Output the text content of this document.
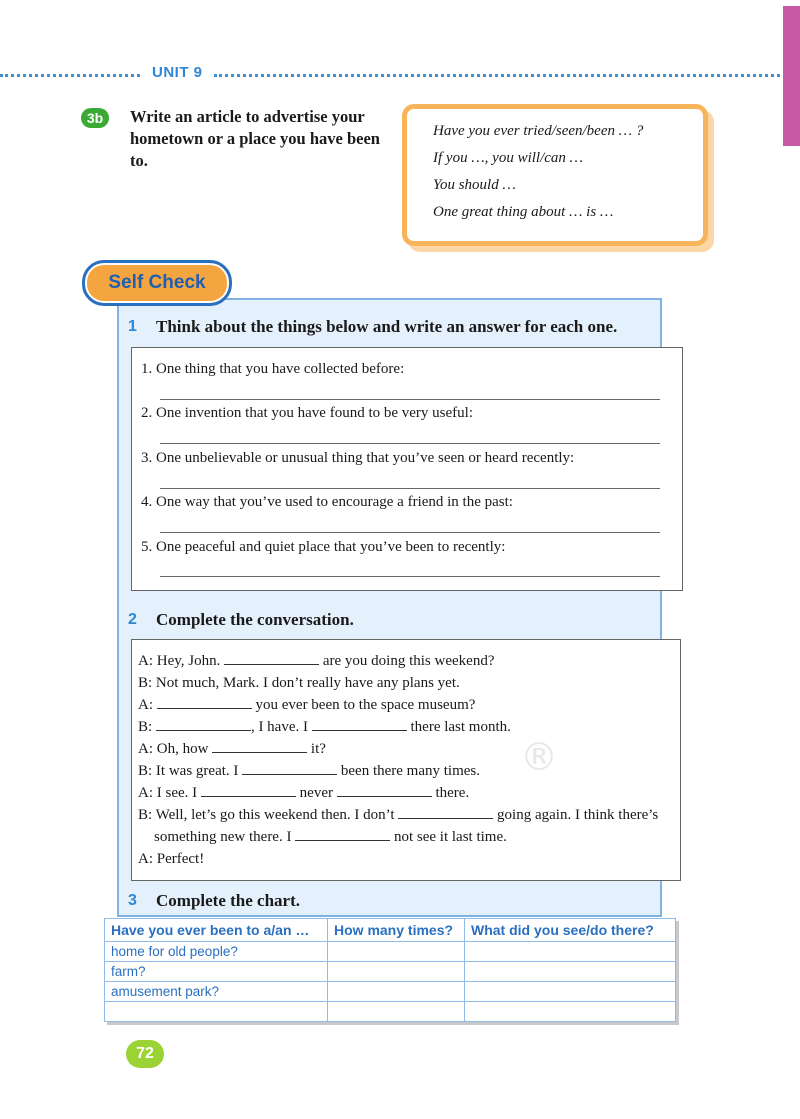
UNIT 9
3b	Write an article to advertise your hometown or a place you have been to.
Have you ever tried/seen/been … ?
If you …, you will/can …
You should …
One great thing about … is …
Self Check
1 Think about the things below and write an answer for each one.
1. One thing that you have collected before:
2. One invention that you have found to be very useful:
3. One unbelievable or unusual thing that you’ve seen or heard recently:
4. One way that you’ve used to encourage a friend in the past:
5. One peaceful and quiet place that you’ve been to recently:
2 Complete the conversation.
A: Hey, John.	are you doing this weekend?
B: Not much, Mark. I don’t really have any plans yet.
A:	you ever been to the space museum?
B:	, I have. I	there last month.
A: Oh, how	it?
B: It was great. I	been there many times.
A: I see. I	never	there.
B: Well, let’s go this weekend then. I don’t	going again. I think there’s
something new there. I	not see it last time.
A: Perfect!
®
3 Complete the chart.
Have you ever been to a/an …	How many times?	What did you see/do there?
home for old people?		
farm?		
amusement park?		

72
